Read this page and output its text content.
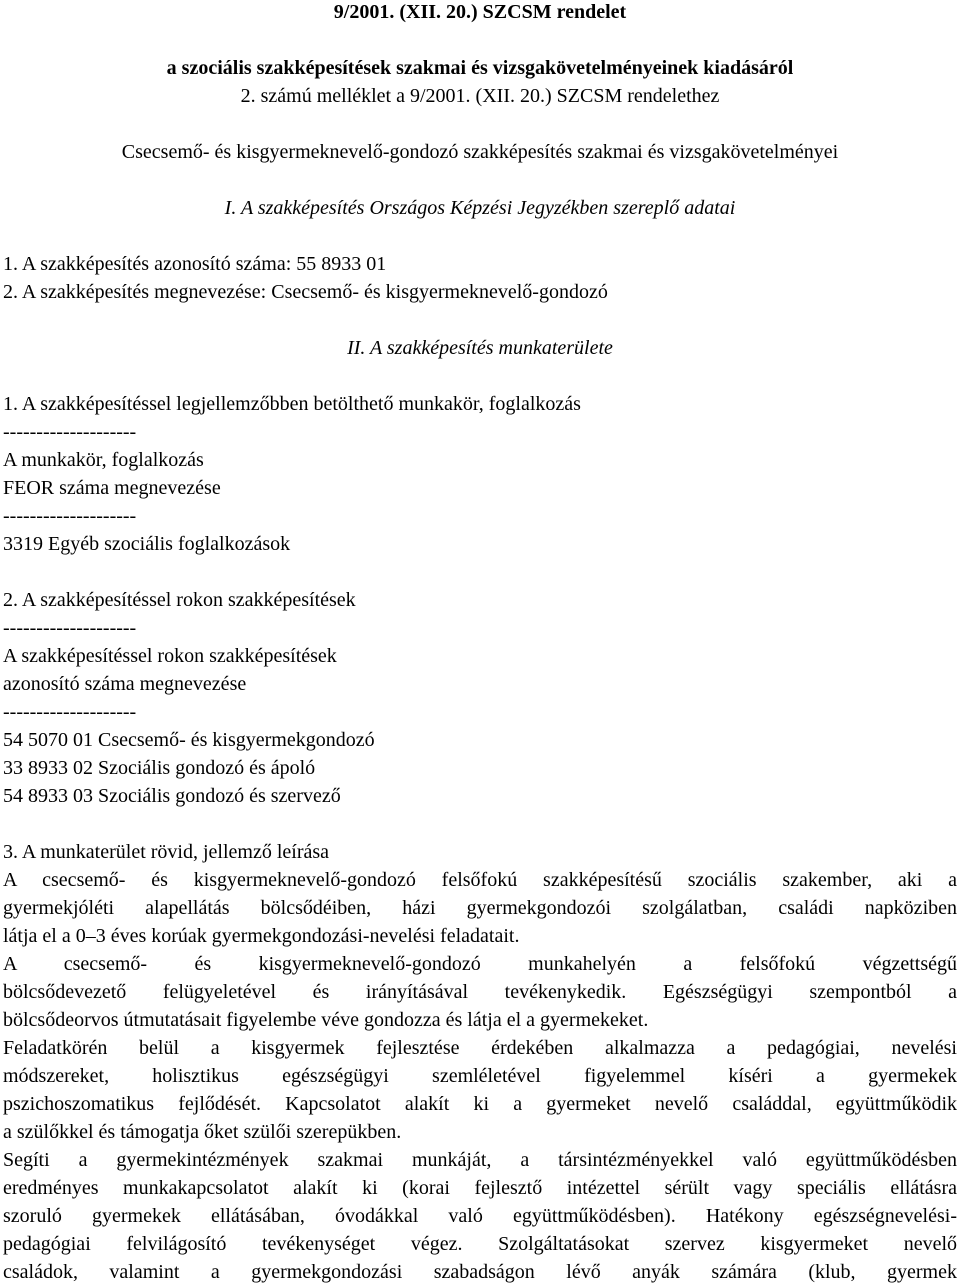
9/2001. (XII. 20.) SZCSM rendelet
a szociális szakképesítések szakmai és vizsgakövetelményeinek kiadásáról
2. számú melléklet a 9/2001. (XII. 20.) SZCSM rendelethez
Csecsemő- és kisgyermeknevelő-gondozó szakképesítés szakmai és vizsgakövetelményei
I. A szakképesítés Országos Képzési Jegyzékben szereplő adatai
1. A szakképesítés azonosító száma: 55 8933 01
2. A szakképesítés megnevezése: Csecsemő- és kisgyermeknevelő-gondozó
II. A szakképesítés munkaterülete
1. A szakképesítéssel legjellemzőbben betölthető munkakör, foglalkozás
--------------------
A munkakör, foglalkozás
FEOR száma megnevezése
--------------------
3319 Egyéb szociális foglalkozások
2. A szakképesítéssel rokon szakképesítések
--------------------
A szakképesítéssel rokon szakképesítések
azonosító száma megnevezése
--------------------
54 5070 01 Csecsemő- és kisgyermekgondozó
33 8933 02 Szociális gondozó és ápoló
54 8933 03 Szociális gondozó és szervező
3. A munkaterület rövid, jellemző leírása
A csecsemő- és kisgyermeknevelő-gondozó felsőfokú szakképesítésű szociális szakember, aki a
gyermekjóléti alapellátás bölcsődéiben, házi gyermekgondozói szolgálatban, családi napköziben
látja el a 0–3 éves korúak gyermekgondozási-nevelési feladatait.
A csecsemő- és kisgyermeknevelő-gondozó munkahelyén a felsőfokú végzettségű
bölcsődevezető felügyeletével és irányításával tevékenykedik. Egészségügyi szempontból a
bölcsődeorvos útmutatásait figyelembe véve gondozza és látja el a gyermekeket.
Feladatkörén belül a kisgyermek fejlesztése érdekében alkalmazza a pedagógiai, nevelési
módszereket, holisztikus egészségügyi szemléletével figyelemmel kíséri a gyermekek
pszichoszomatikus fejlődését. Kapcsolatot alakít ki a gyermeket nevelő családdal, együttműködik
a szülőkkel és támogatja őket szülői szerepükben.
Segíti a gyermekintézmények szakmai munkáját, a társintézményekkel való együttműködésben
eredményes munkakapcsolatot alakít ki (korai fejlesztő intézettel sérült vagy speciális ellátásra
szoruló gyermekek ellátásában, óvodákkal való együttműködésben). Hatékony egészségnevelési-
pedagógiai felvilágosító tevékenységet végez. Szolgáltatásokat szervez kisgyermeket nevelő
családok, valamint a gyermekgondozási szabadságon lévő anyák számára (klub, gyermek
